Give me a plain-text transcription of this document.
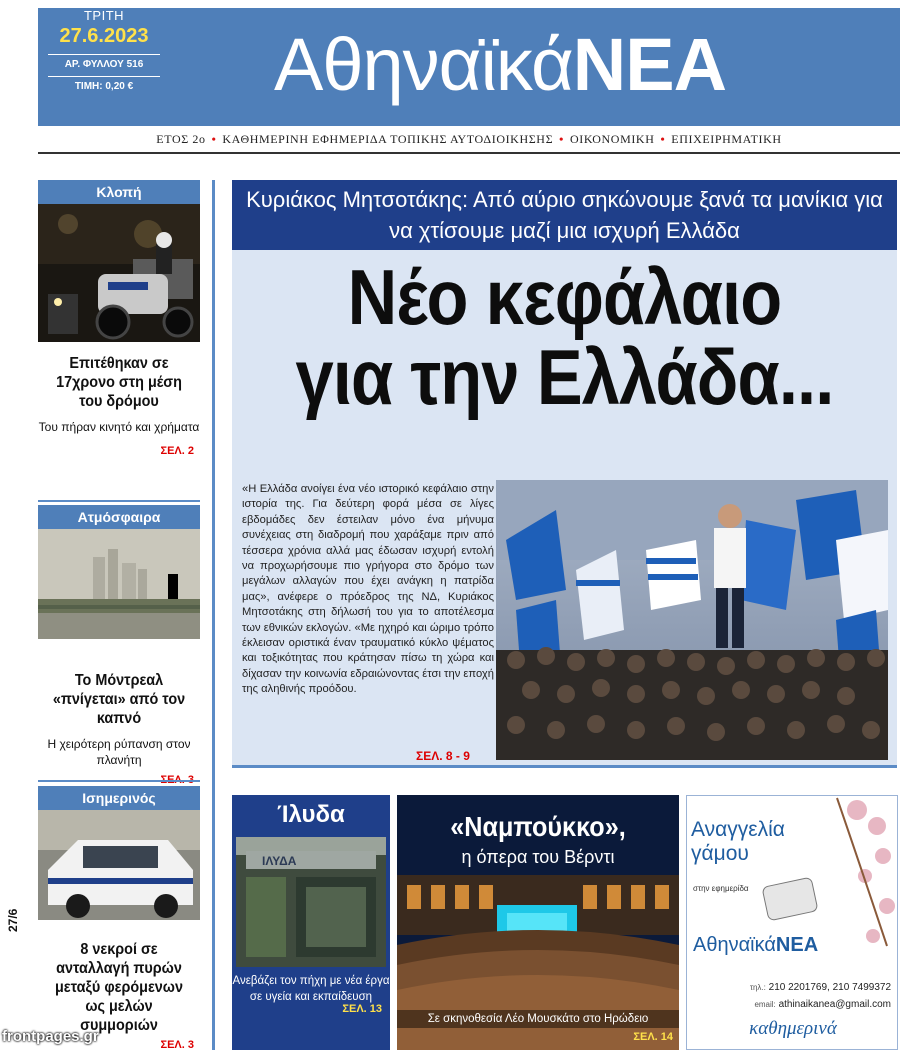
ΤΡΙΤΗ
27.6.2023
ΑΡ. ΦΥΛΛΟΥ 516
ΤΙΜΗ: 0,20 €	ΑθηναϊκάΝΕΑ
ΕΤΟΣ 2ο • ΚΑΘΗΜΕΡΙΝΗ ΕΦΗΜΕΡΙΔΑ ΤΟΠΙΚΗΣ ΑΥΤΟΔΙΟΙΚΗΣΗΣ • ΟΙΚΟΝΟΜΙΚΗ • ΕΠΙΧΕΙΡΗΜΑΤΙΚΗ
Κλοπή
Επιτέθηκαν σε 17χρονο στη μέση του δρόμου
Του πήραν κινητό και χρήματα
ΣΕΛ. 2
Ατμόσφαιρα
Το Μόντρεαλ «πνίγεται» από τον καπνό
Η χειρότερη ρύπανση στον πλανήτη
ΣΕΛ. 3
Ισημερινός
8 νεκροί σε ανταλλαγή πυρών μεταξύ φερόμενων ως μελών συμμοριών
ΣΕΛ. 3
Κυριάκος Μητσοτάκης: Από αύριο σηκώνουμε ξανά τα μανίκια για να χτίσουμε μαζί μια ισχυρή Ελλάδα
Νέο κεφάλαιο
για την Ελλάδα...
«Η Ελλάδα ανοίγει ένα νέο ιστορικό κεφάλαιο στην ιστορία της. Για δεύτερη φορά μέσα σε λίγες εβδομάδες δεν έστειλαν μόνο ένα μήνυμα συνέχειας στη διαδρομή που χαράξαμε πριν από τέσσερα χρόνια αλλά μας έδωσαν ισχυρή εντολή να προχωρήσουμε πιο γρήγορα στο δρόμο των μεγάλων αλλαγών που έχει ανάγκη η πατρίδα μας», ανέφερε ο πρόεδρος της ΝΔ, Κυριάκος Μητσοτάκης στη δήλωσή του για το αποτέλεσμα των εθνικών εκλογών. «Με ηχηρό και ώριμο τρόπο έκλεισαν οριστικά έναν τραυματικό κύκλο ψέματος και τοξικότητας που κράτησαν πίσω τη χώρα και δίχασαν την κοινωνία εδραιώνοντας έτσι την εποχή της αληθινής προόδου.
ΣΕΛ. 8 - 9
Ίλυδα
ΙΛΥΔΑ
Ανεβάζει τον πήχη με νέα έργα σε υγεία και εκπαίδευση
ΣΕΛ. 13
«Ναμπούκκο»,
η όπερα του Βέρντι
Σε σκηνοθεσία Λέο Μουσκάτο στο Ηρώδειο
ΣΕΛ. 14
Αναγγελία
γάμου
στην εφημερίδα
ΑθηναϊκάΝΕΑ
τηλ.: 210 2201769, 210 7499372
email: athinaikanea@gmail.com
καθημερινά
27/6
frontpages.gr
